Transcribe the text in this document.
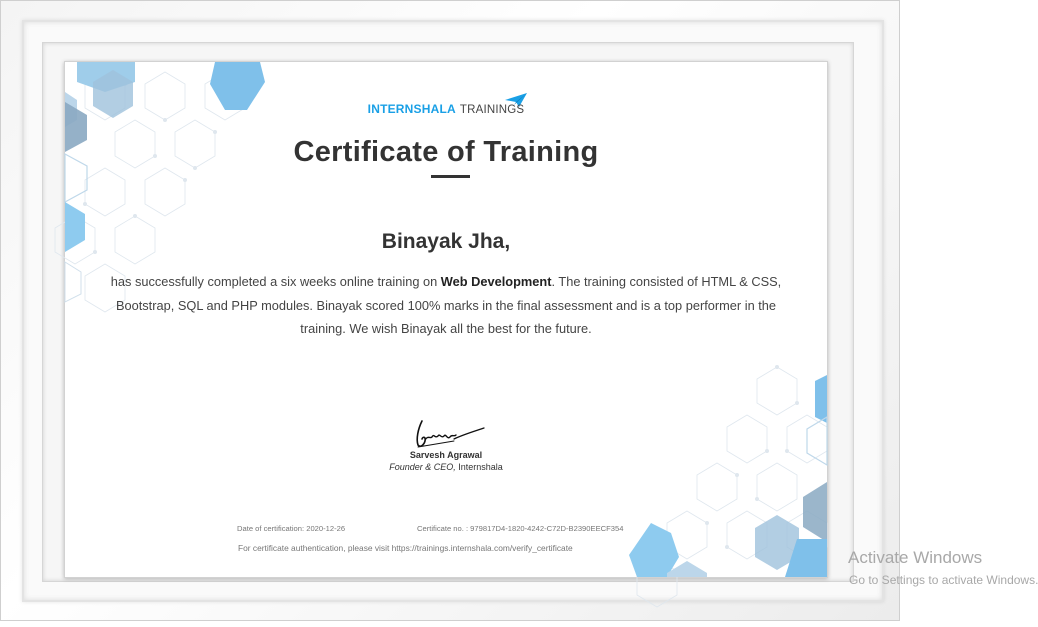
INTERNSHALA TRAININGS
Certificate of Training
Binayak Jha,
has successfully completed a six weeks online training on Web Development. The training consisted of HTML & CSS, Bootstrap, SQL and PHP modules. Binayak scored 100% marks in the final assessment and is a top performer in the training. We wish Binayak all the best for the future.
Sarvesh Agrawal
Founder & CEO, Internshala
Date of certification: 2020-12-26	Certificate no. : 979817D4-1820-4242-C72D-B2390EECF354
For certificate authentication, please visit https://trainings.internshala.com/verify_certificate	Activate Windows
Go to Settings to activate Windows.
